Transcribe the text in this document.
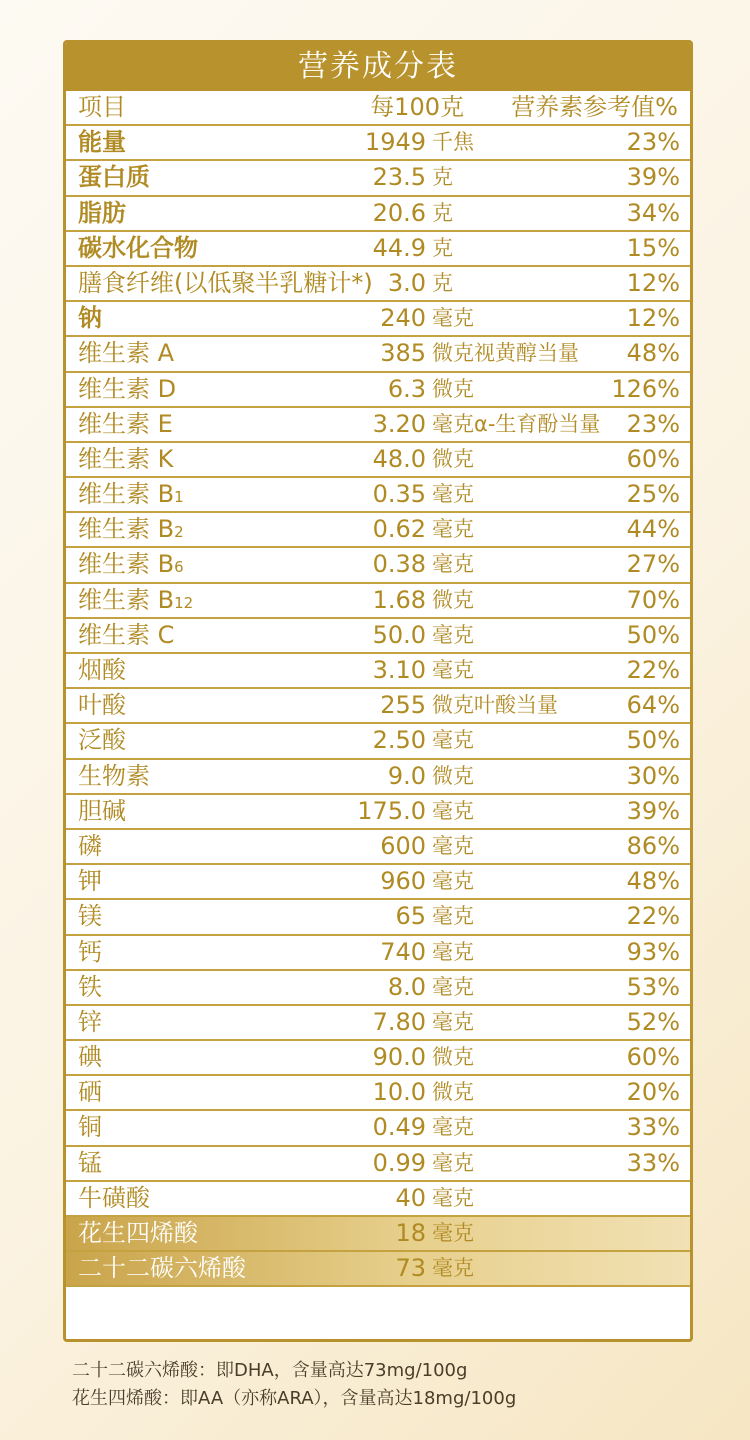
营养成分表
项目	每100克 营养素参考值%
能量	1949 千焦	23%
蛋白质	23.5 克	39%
脂肪	20.6 克	34%
碳水化合物	44.9 克	15%
膳食纤维(以低聚半乳糖计*) 3.0 克	12%
钠	240 毫克	12%
维生素 A	385 微克视黄醇当量 48%
维生素 D	6.3 微克	126%
维生素 E	3.20 毫克α-生育酚当量 23%
维生素 K	48.0 微克	60%
维生素 B1	0.35 毫克	25%
维生素 B2	0.62 毫克	44%
维生素 B6	0.38 毫克	27%
维生素 B12	1.68 微克	70%
维生素 C	50.0 毫克	50%
烟酸	3.10 毫克	22%
叶酸	255 微克叶酸当量	64%
泛酸	2.50 毫克	50%
生物素	9.0 微克	30%
胆碱	175.0 毫克	39%
磷	600 毫克	86%
钾	960 毫克	48%
镁	65 毫克	22%
钙	740 毫克	93%
铁	8.0 毫克	53%
锌	7.80 毫克	52%
碘	90.0 微克	60%
硒	10.0 微克	20%
铜	0.49 毫克	33%
锰	0.99 毫克	33%
牛磺酸	40 毫克
花生四烯酸	18 毫克
二十二碳六烯酸	73 毫克
二十二碳六烯酸：即DHA，含量高达73mg/100g
花生四烯酸：即AA（亦称ARA），含量高达18mg/100g
